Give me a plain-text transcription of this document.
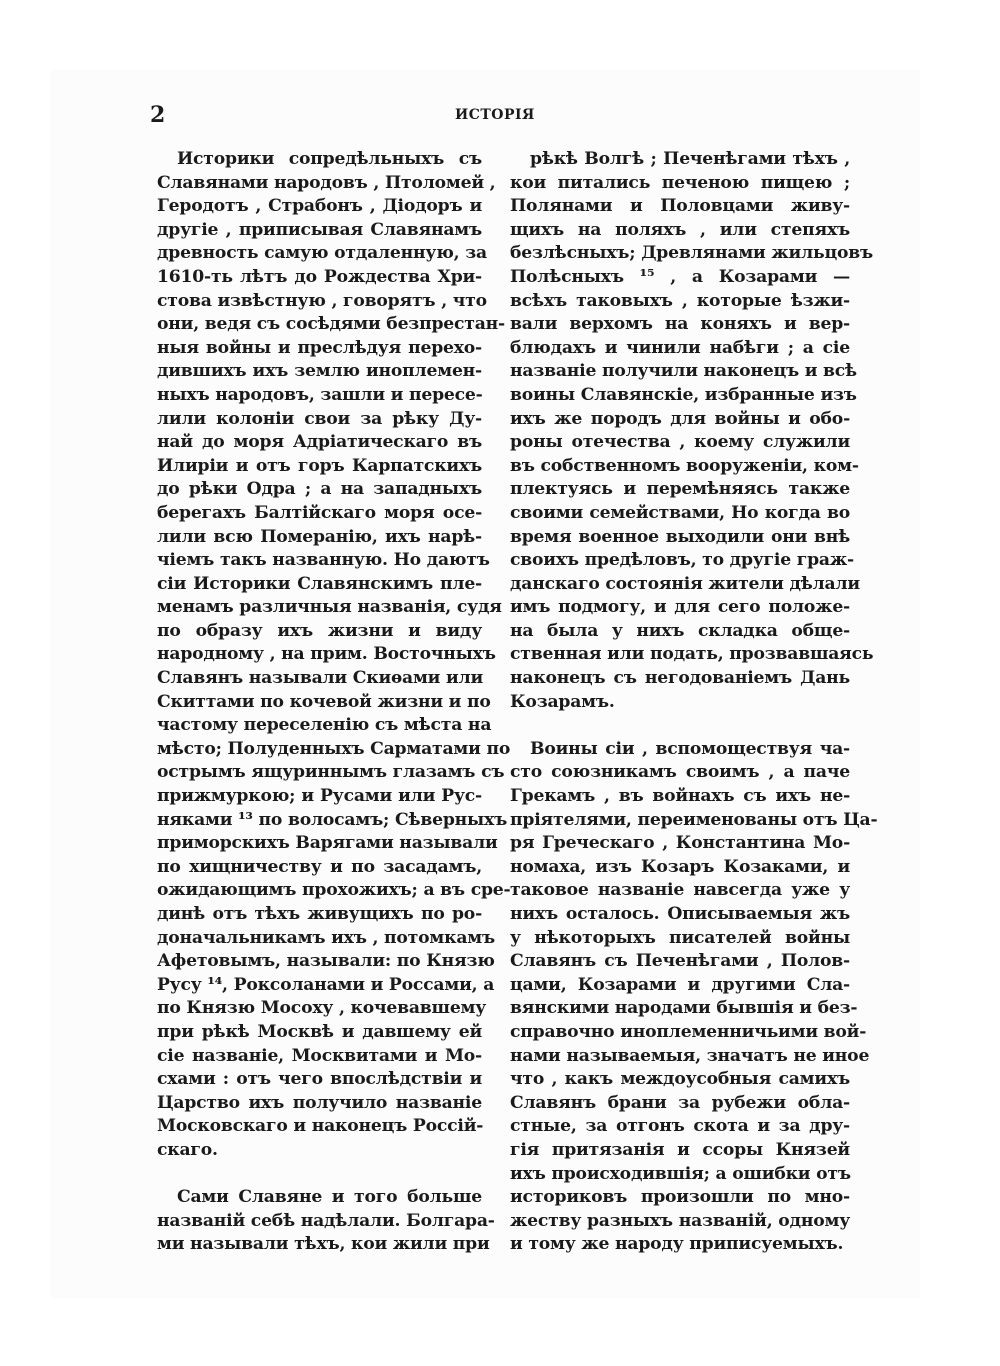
2	ИСТОРІЯ
Историки сопредѣльныхъ съ
Славянами народовъ , Птоломей ,
Геродотъ , Страбонъ , Діодоръ и
другіе , приписывая Славянамъ
древность самую отдаленную, за
1610-ть лѣтъ до Рождества Хри-
стова извѣстную , говорятъ , что
они, ведя съ сосѣдями безпрестан-
ныя войны и преслѣдуя перехо-
дившихъ ихъ землю иноплемен-
ныхъ народовъ, зашли и пересе-
лили колоніи свои за рѣку Ду-
най до моря Адріатическаго въ
Илиріи и отъ горъ Карпатскихъ
до рѣки Одра ; а на западныхъ
берегахъ Балтійскаго моря осе-
лили всю Померанію, ихъ нарѣ-
чіемъ такъ названную. Но даютъ
сіи Историки Славянскимъ пле-
менамъ различныя названія, судя
по образу ихъ жизни и виду
народному , на прим. Восточныхъ
Славянъ называли Скиѳами или
Скиттами по кочевой жизни и по
частому переселенію съ мѣста на
мѣсто; Полуденныхъ Сарматами по
острымъ ящуриннымъ глазамъ съ
прижмуркою; и Русами или Рус-
няками ¹³ по волосамъ; Сѣверныхъ
приморскихъ Варягами называли
по хищничеству и по засадамъ,
ожидающимъ прохожихъ; а въ сре-
динѣ отъ тѣхъ живущихъ по ро-
доначальникамъ ихъ , потомкамъ
Афетовымъ, называли: по Князю
Русу ¹⁴, Роксоланами и Россами, а
по Князю Мосоху , кочевавшему
при рѣкѣ Москвѣ и давшему ей
сіе названіе, Москвитами и Мо-
схами : отъ чего впослѣдствіи и
Царство ихъ получило названіе
Московскаго и наконецъ Россій-
скаго.
Сами Славяне и того больше
названій себѣ надѣлали. Болгара-
ми называли тѣхъ, кои жили при
рѣкѣ Волгѣ ; Печенѣгами тѣхъ ,
кои питались печеною пищею ;
Полянами и Половцами живу-
щихъ на поляхъ , или степяхъ
безлѣсныхъ; Древлянами жильцовъ
Полѣсныхъ ¹⁵ , а Козарами —
всѣхъ таковыхъ , которые ѣзжи-
вали верхомъ на коняхъ и вер-
блюдахъ и чинили набѣги ; а сіе
названіе получили наконецъ и всѣ
воины Славянскіе, избранные изъ
ихъ же породъ для войны и обо-
роны отечества , коему служили
въ собственномъ вооруженіи, ком-
плектуясь и перемѣняясь также
своими семействами, Но когда во
время военное выходили они внѣ
своихъ предѣловъ, то другіе граж-
данскаго состоянія жители дѣлали
имъ подмогу, и для сего положе-
на была у нихъ складка обще-
ственная или подать, прозвавшаясь
наконецъ съ негодованіемъ Дань
Козарамъ.
Воины сіи , вспомоществуя ча-
сто союзникамъ своимъ , а паче
Грекамъ , въ войнахъ съ ихъ не-
пріятелями, переименованы отъ Ца-
ря Греческаго , Константина Мо-
номаха, изъ Козаръ Козаками, и
таковое названіе навсегда уже у
нихъ осталось. Описываемыя жъ
у нѣкоторыхъ писателей войны
Славянъ съ Печенѣгами , Полов-
цами, Козарами и другими Сла-
вянскими народами бывшія и без-
справочно иноплеменничьими вой-
нами называемыя, значатъ не иное
что , какъ междоусобныя самихъ
Славянъ брани за рубежи обла-
стные, за отгонъ скота и за дру-
гія притязанія и ссоры Князей
ихъ происходившія; а ошибки отъ
историковъ произошли по мно-
жеству разныхъ названій, одному
и тому же народу приписуемыхъ.
